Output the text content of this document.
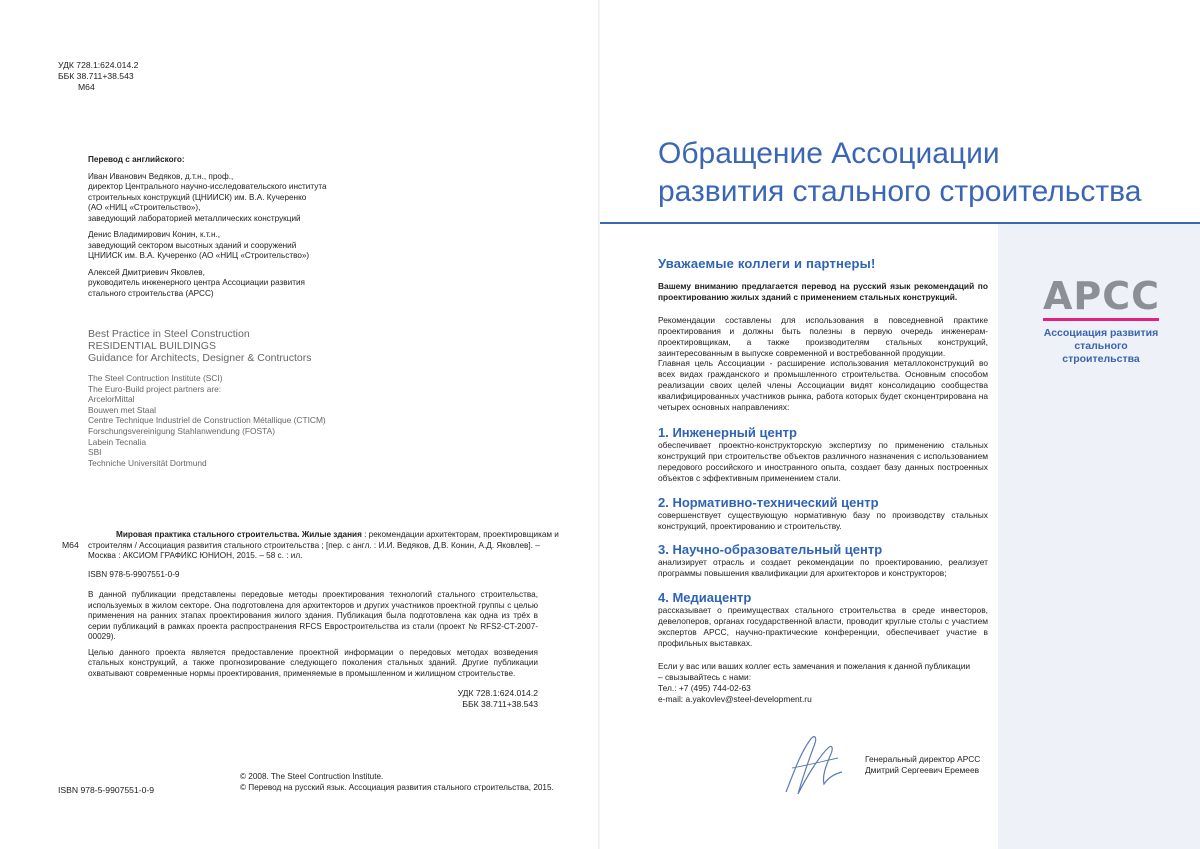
УДК 728.1:624.014.2
ББК 38.711+38.543
М64
Перевод с английского:
Иван Иванович Ведяков, д.т.н., проф.,
директор Центрального научно-исследовательского института
строительных конструкций (ЦНИИСК) им. В.А. Кучеренко
(АО «НИЦ «Строительство»),
заведующий лабораторией металлических конструкций
Денис Владимирович Конин, к.т.н.,
заведующий сектором высотных зданий и сооружений
ЦНИИСК им. В.А. Кучеренко (АО «НИЦ «Строительство»)
Алексей Дмитриевич Яковлев,
руководитель инженерного центра Ассоциации развития
стального строительства (АРСС)
Best Practice in Steel Construction
RESIDENTIAL BUILDINGS
Guidance for Architects, Designer & Contructors
The Steel Contruction Institute (SCI)
The Euro-Build project partners are:
ArcelorMittal
Bouwen met Staal
Centre Technique Industriel de Construction Métallique (CTICM)
Forschungsvereinigung Stahlanwendung (FOSTA)
Labein Tecnalia
SBI
Techniche Universität Dortmund
М64
Мировая практика стального строительства. Жилые здания : рекомендации архитекторам, проектировщикам и
строителям / Ассоциация развития стального строительства ; [пер. с англ. : И.И. Ведяков, Д.В. Конин, А.Д. Яковлев]. –
Москва : АКСИОМ ГРАФИКС ЮНИОН, 2015. – 58 с. : ил.
ISBN 978-5-9907551-0-9
В данной публикации представлены передовые методы проектирования технологий стального строительства, используемых в жилом секторе. Она подготовлена для архитекторов и других участников проектной группы с целью применения на ранних этапах проектирования жилого здания. Публикация была подготовлена как одна из трёх в серии публикаций в рамках проекта распространения RFCS Евростроительства из стали (проект № RFS2-CT-2007-00029).
Целью данного проекта является предоставление проектной информации о передовых методах возведения стальных конструкций, а также прогнозирование следующего поколения стальных зданий. Другие публикации охватывают современные нормы проектирования, применяемые в промышленном и жилищном строительстве.
УДК 728.1:624.014.2
ББК 38.711+38.543
© 2008. The Steel Contruction Institute.
© Перевод на русский язык. Ассоциация развития стального строительства, 2015.
ISBN 978-5-9907551-0-9
Обращение Ассоциации
развития стального строительства
Уважаемые коллеги и партнеры!
Вашему вниманию предлагается перевод на русский язык рекомендаций по проектированию жилых зданий с применением стальных конструкций.
Рекомендации составлены для использования в повседневной практике проектирования и должны быть полезны в первую очередь инженерам-проектировщикам, а также производителям стальных конструкций, заинтересованным в выпуске современной и востребованной продукции.
Главная цель Ассоциации - расширение использования металлоконструкций во всех видах гражданского и промышленного строительства. Основным способом реализации своих целей члены Ассоциации видят консолидацию сообщества квалифицированных участников рынка, работа которых будет сконцентрирована на четырех основных направлениях:
1. Инженерный центр
обеспечивает проектно-конструкторскую экспертизу по применению стальных конструкций при строительстве объектов различного назначения с использованием передового российского и иностранного опыта, создает базу данных построенных объектов с эффективным применением стали.
2. Нормативно-технический центр
совершенствует существующую нормативную базу по производству стальных конструкций, проектированию и строительству.
3. Научно-образовательный центр
анализирует отрасль и создает рекомендации по проектированию, реализует программы повышения квалификации для архитекторов и конструкторов;
4. Медиацентр
рассказывает о преимуществах стального строительства в среде инвесторов, девелоперов, органах государственной власти, проводит круглые столы с участием экспертов АРСС, научно-практические конференции, обеспечивает участие в профильных выставках.
Если у вас или ваших коллег есть замечания и пожелания к данной публикации
– свызывайтесь с нами:
Тел.: +7 (495) 744-02-63
e-mail: a.yakovlev@steel-development.ru
Генеральный директор АРСС
Дмитрий Сергеевич Еремеев
АРСС
Ассоциация развития
стального строительства
